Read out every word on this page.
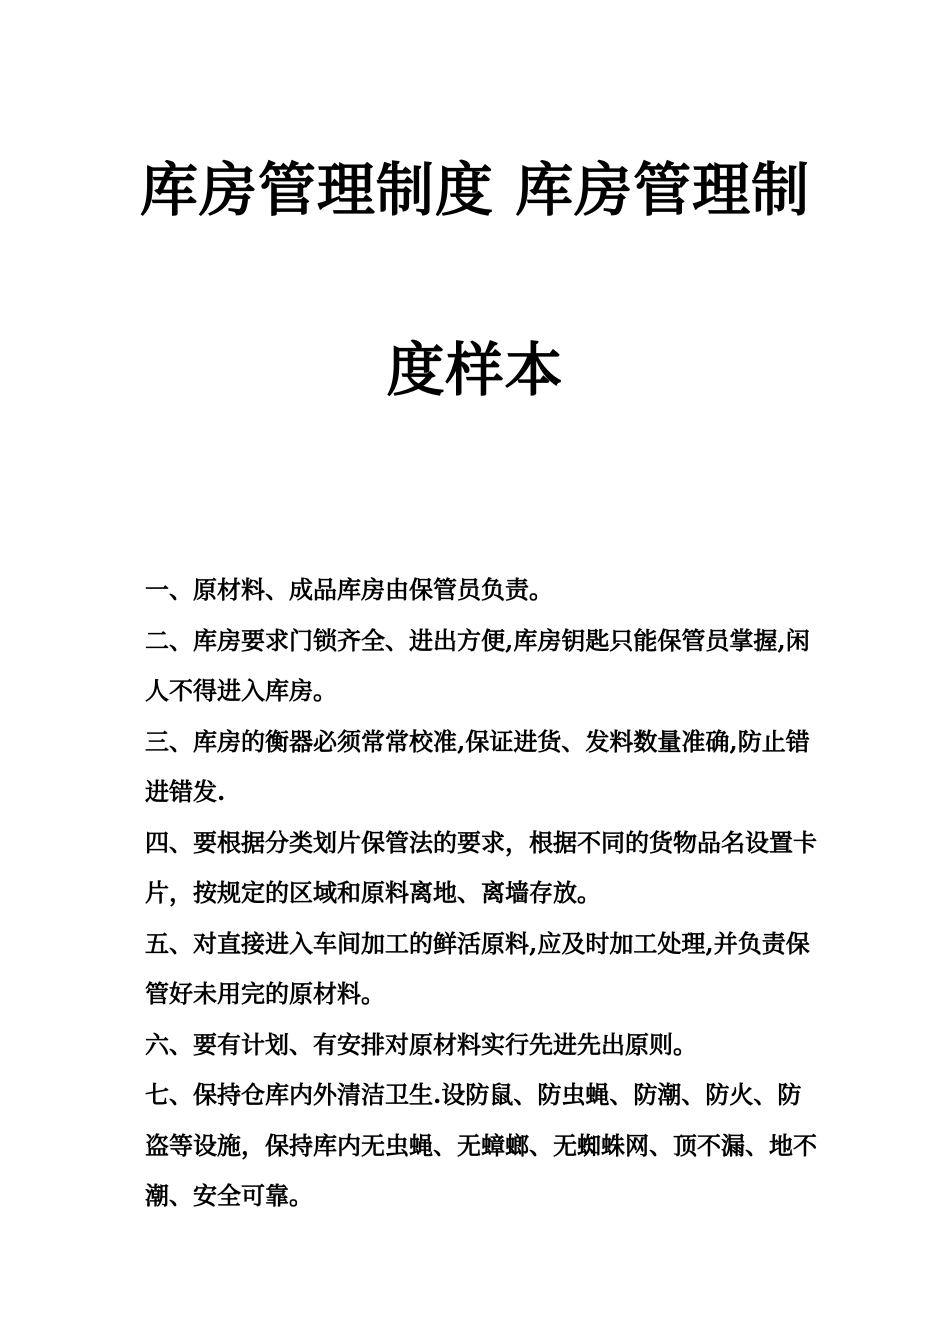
库房管理制度 库房管理制
度样本

一、原材料、成品库房由保管员负责。

二、库房要求门锁齐全、进出方便,库房钥匙只能保管员掌握,闲人不得进入库房。

三、库房的衡器必须常常校准,保证进货、发料数量准确,防止错进错发.

四、要根据分类划片保管法的要求，根据不同的货物品名设置卡片，按规定的区域和原料离地、离墙存放。

五、对直接进入车间加工的鲜活原料,应及时加工处理,并负责保管好未用完的原材料。

六、要有计划、有安排对原材料实行先进先出原则。

七、保持仓库内外清洁卫生.设防鼠、防虫蝇、防潮、防火、防盗等设施，保持库内无虫蝇、无蟑螂、无蜘蛛网、顶不漏、地不潮、安全可靠。
